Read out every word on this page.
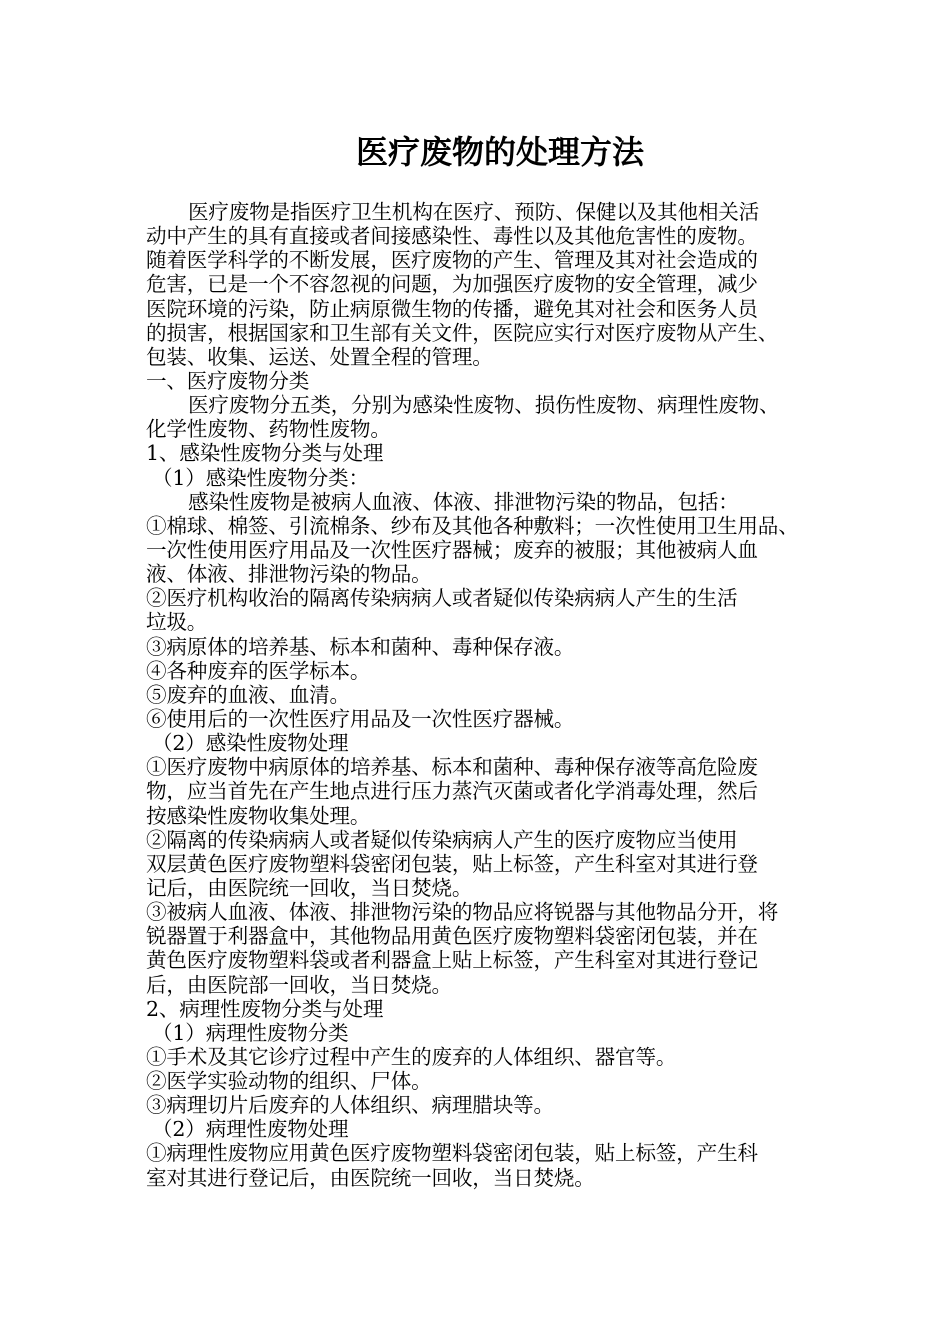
医疗废物的处理方法
医疗废物是指医疗卫生机构在医疗、预防、保健以及其他相关活
动中产生的具有直接或者间接感染性、毒性以及其他危害性的废物。
随着医学科学的不断发展，医疗废物的产生、管理及其对社会造成的
危害，已是一个不容忽视的问题，为加强医疗废物的安全管理，减少
医院环境的污染，防止病原微生物的传播，避免其对社会和医务人员
的损害，根据国家和卫生部有关文件，医院应实行对医疗废物从产生、
包装、收集、运送、处置全程的管理。
一、医疗废物分类
医疗废物分五类，分别为感染性废物、损伤性废物、病理性废物、
化学性废物、药物性废物。
1、感染性废物分类与处理
（1）感染性废物分类：
感染性废物是被病人血液、体液、排泄物污染的物品，包括：
①棉球、棉签、引流棉条、纱布及其他各种敷料；一次性使用卫生用品、
一次性使用医疗用品及一次性医疗器械；废弃的被服；其他被病人血
液、体液、排泄物污染的物品。
②医疗机构收治的隔离传染病病人或者疑似传染病病人产生的生活
垃圾。
③病原体的培养基、标本和菌种、毒种保存液。
④各种废弃的医学标本。
⑤废弃的血液、血清。
⑥使用后的一次性医疗用品及一次性医疗器械。
（2）感染性废物处理
①医疗废物中病原体的培养基、标本和菌种、毒种保存液等高危险废
物，应当首先在产生地点进行压力蒸汽灭菌或者化学消毒处理，然后
按感染性废物收集处理。
②隔离的传染病病人或者疑似传染病病人产生的医疗废物应当使用
双层黄色医疗废物塑料袋密闭包装，贴上标签，产生科室对其进行登
记后，由医院统一回收，当日焚烧。
③被病人血液、体液、排泄物污染的物品应将锐器与其他物品分开，将
锐器置于利器盒中，其他物品用黄色医疗废物塑料袋密闭包装，并在
黄色医疗废物塑料袋或者利器盒上贴上标签，产生科室对其进行登记
后，由医院部一回收，当日焚烧。
2、病理性废物分类与处理
（1）病理性废物分类
①手术及其它诊疗过程中产生的废弃的人体组织、器官等。
②医学实验动物的组织、尸体。
③病理切片后废弃的人体组织、病理腊块等。
（2）病理性废物处理
①病理性废物应用黄色医疗废物塑料袋密闭包装，贴上标签，产生科
室对其进行登记后，由医院统一回收，当日焚烧。
